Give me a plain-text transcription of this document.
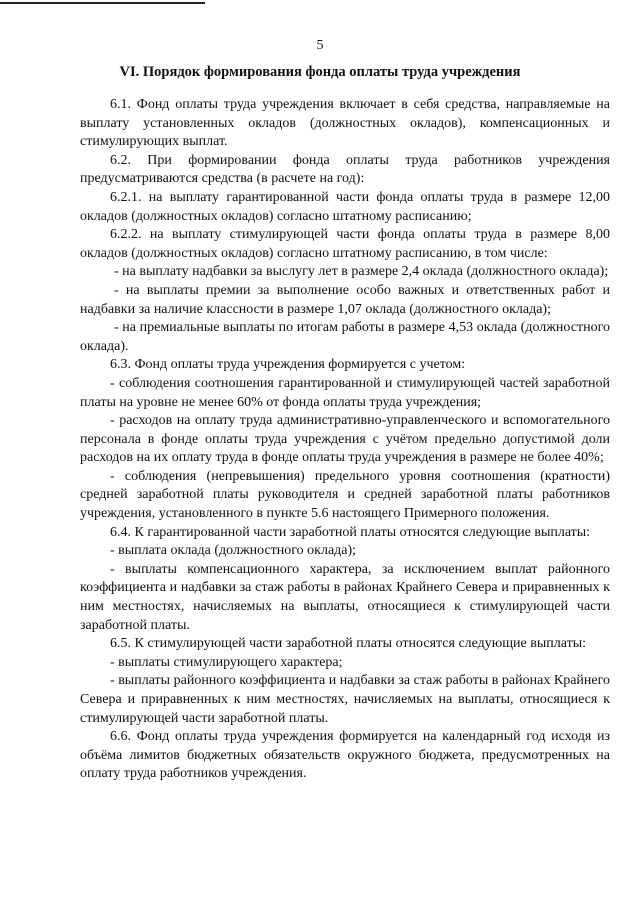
5
VI. Порядок формирования фонда оплаты труда учреждения

6.1. Фонд оплаты труда учреждения включает в себя средства, направляемые на выплату установленных окладов (должностных окладов), компенсационных и стимулирующих выплат.

6.2. При формировании фонда оплаты труда работников учреждения предусматриваются средства (в расчете на год):

6.2.1. на выплату гарантированной части фонда оплаты труда в размере 12,00 окладов (должностных окладов) согласно штатному расписанию;

6.2.2. на выплату стимулирующей части фонда оплаты труда в размере 8,00 окладов (должностных окладов) согласно штатному расписанию, в том числе:

- на выплату надбавки за выслугу лет в размере 2,4 оклада (должностного оклада);

- на выплаты премии за выполнение особо важных и ответственных работ и надбавки за наличие классности в размере 1,07 оклада (должностного оклада);

- на премиальные выплаты по итогам работы в размере 4,53 оклада (должностного оклада).

6.3. Фонд оплаты труда учреждения формируется с учетом:

- соблюдения соотношения гарантированной и стимулирующей частей заработной платы на уровне не менее 60% от фонда оплаты труда учреждения;

- расходов на оплату труда административно-управленческого и вспомогательного персонала в фонде оплаты труда учреждения с учётом предельно допустимой доли расходов на их оплату труда в фонде оплаты труда учреждения в размере не более 40%;

- соблюдения (непревышения) предельного уровня соотношения (кратности) средней заработной платы руководителя и средней заработной платы работников учреждения, установленного в пункте 5.6 настоящего Примерного положения.

6.4. К гарантированной части заработной платы относятся следующие выплаты:

- выплата оклада (должностного оклада);

- выплаты компенсационного характера, за исключением выплат районного коэффициента и надбавки за стаж работы в районах Крайнего Севера и приравненных к ним местностях, начисляемых на выплаты, относящиеся к стимулирующей части заработной платы.

6.5. К стимулирующей части заработной платы относятся следующие выплаты:

- выплаты стимулирующего характера;

- выплаты районного коэффициента и надбавки за стаж работы в районах Крайнего Севера и приравненных к ним местностях, начисляемых на выплаты, относящиеся к стимулирующей части заработной платы.

6.6. Фонд оплаты труда учреждения формируется на календарный год исходя из объёма лимитов бюджетных обязательств окружного бюджета, предусмотренных на оплату труда работников учреждения.
